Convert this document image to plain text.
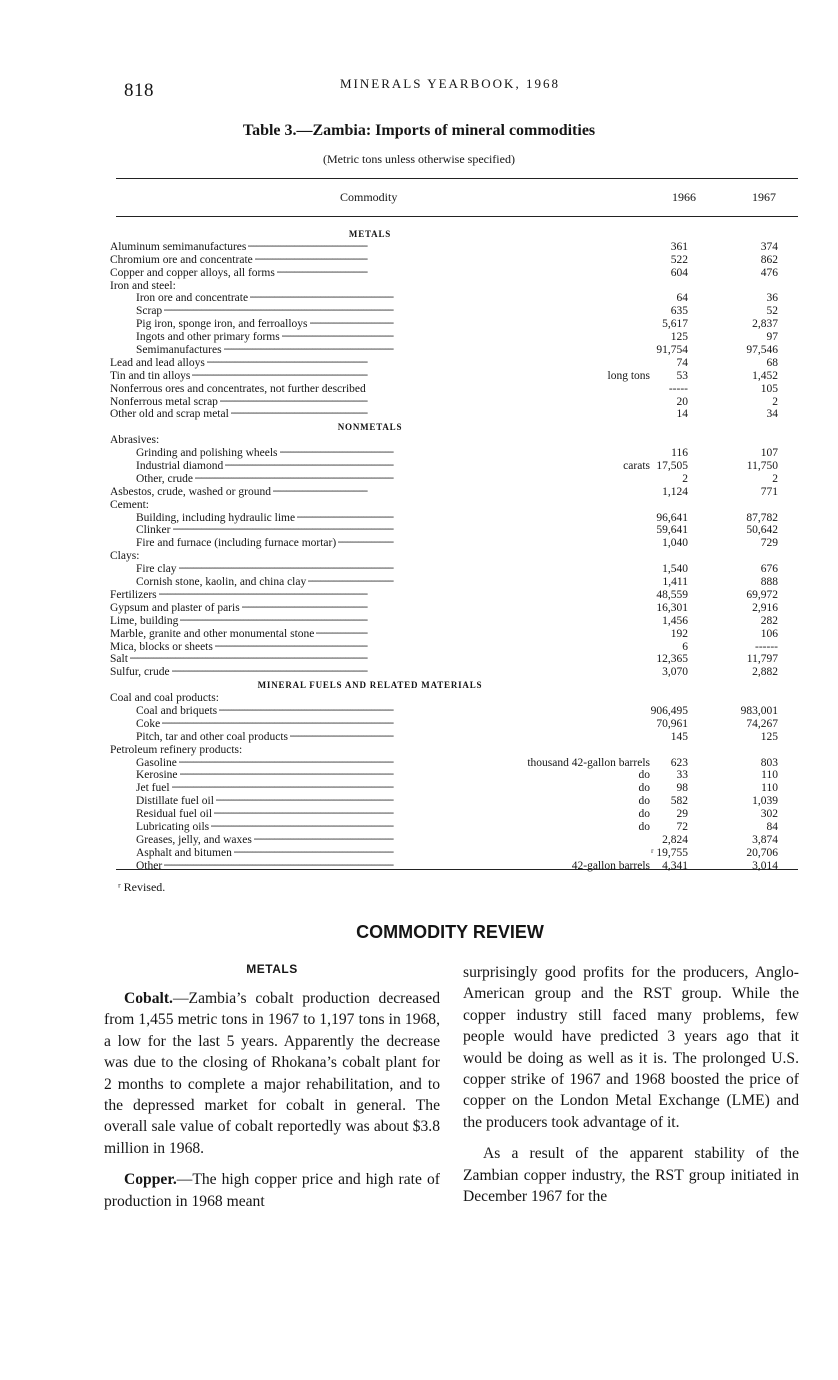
818	MINERALS YEARBOOK, 1968
Table 3.—Zambia: Imports of mineral commodities
(Metric tons unless otherwise specified)
Commodity	1966	1967
METALS
Aluminum semimanufactures - - -	361	374
Chromium ore and concentrate - - -	522	862
Copper and copper alloys, all forms - - -	604	476
Iron and steel:
Iron ore and concentrate - - -	64	36
Scrap - - -	635	52
Pig iron, sponge iron, and ferroalloys - - -	5,617	2,837
Ingots and other primary forms - - -	125	97
Semimanufactures - - -	91,754	97,546
Lead and lead alloys - - -	74	68
Tin and tin alloys - - -	long tons 53	1,452
Nonferrous ores and concentrates, not further described - - -	-----	105
Nonferrous metal scrap - - -	20	2
Other old and scrap metal - - -	14	34
NONMETALS
Abrasives:
Grinding and polishing wheels - - -	116	107
Industrial diamond - - -	carats 17,505	11,750
Other, crude - - -	2	2
Asbestos, crude, washed or ground - - -	1,124	771
Cement:
Building, including hydraulic lime - - -	96,641	87,782
Clinker - - -	59,641	50,642
Fire and furnace (including furnace mortar) - - -	1,040	729
Clays:
Fire clay - - -	1,540	676
Cornish stone, kaolin, and china clay - - -	1,411	888
Fertilizers - - -	48,559	69,972
Gypsum and plaster of paris - - -	16,301	2,916
Lime, building - - -	1,456	282
Marble, granite and other monumental stone - - -	192	106
Mica, blocks or sheets - - -	6	------
Salt - - -	12,365	11,797
Sulfur, crude - - -	3,070	2,882
MINERAL FUELS AND RELATED MATERIALS
Coal and coal products:
Coal and briquets - - -	906,495	983,001
Coke - - -	70,961	74,267
Pitch, tar and other coal products - - -	145	125
Petroleum refinery products:
Gasoline - - -	thousand 42-gallon barrels 623	803
Kerosine - - -	do 33	110
Jet fuel - - -	do 98	110
Distillate fuel oil - - -	do 582	1,039
Residual fuel oil - - -	do 29	302
Lubricating oils - - -	do 72	84
Greases, jelly, and waxes - - -	2,824	3,874
Asphalt and bitumen - - -	ʳ 19,755	20,706
Other - - -	42-gallon barrels 4,341	3,014
ʳ Revised.
COMMODITY REVIEW
METALS

Cobalt.—Zambia’s cobalt production decreased from 1,455 metric tons in 1967 to 1,197 tons in 1968, a low for the last 5 years. Apparently the decrease was due to the closing of Rhokana’s cobalt plant for 2 months to complete a major rehabilitation, and to the depressed market for cobalt in general. The overall sale value of cobalt reportedly was about $3.8 million in 1968.

Copper.—The high copper price and high rate of production in 1968 meant

surprisingly good profits for the producers, Anglo-American group and the RST group. While the copper industry still faced many problems, few people would have predicted 3 years ago that it would be doing as well as it is. The prolonged U.S. copper strike of 1967 and 1968 boosted the price of copper on the London Metal Exchange (LME) and the producers took advantage of it.

As a result of the apparent stability of the Zambian copper industry, the RST group initiated in December 1967 for the
